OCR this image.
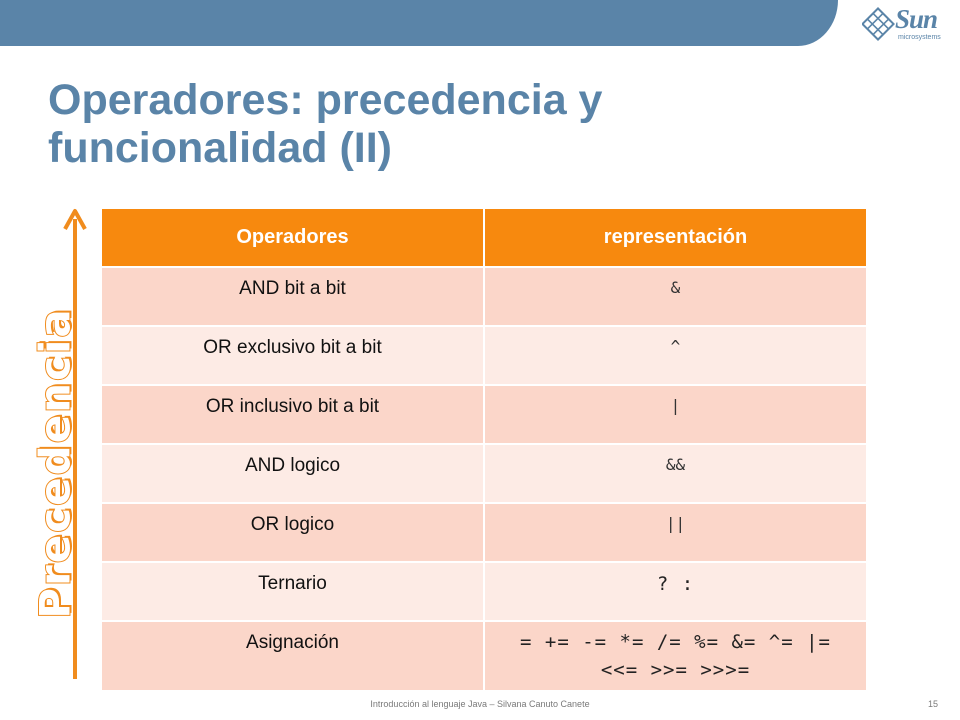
Sun
microsystems
Operadores: precedencia y funcionalidad (II)
Precedencia
Operadores	representación
AND bit a bit	&
OR exclusivo bit a bit	^
OR inclusivo bit a bit	|
AND logico	&&
OR logico	||
Ternario	? :
Asignación	= += -= *= /= %= &= ^= |=
<<= >>= >>>=
Introducción al lenguaje Java – Silvana Canuto Canete	15
